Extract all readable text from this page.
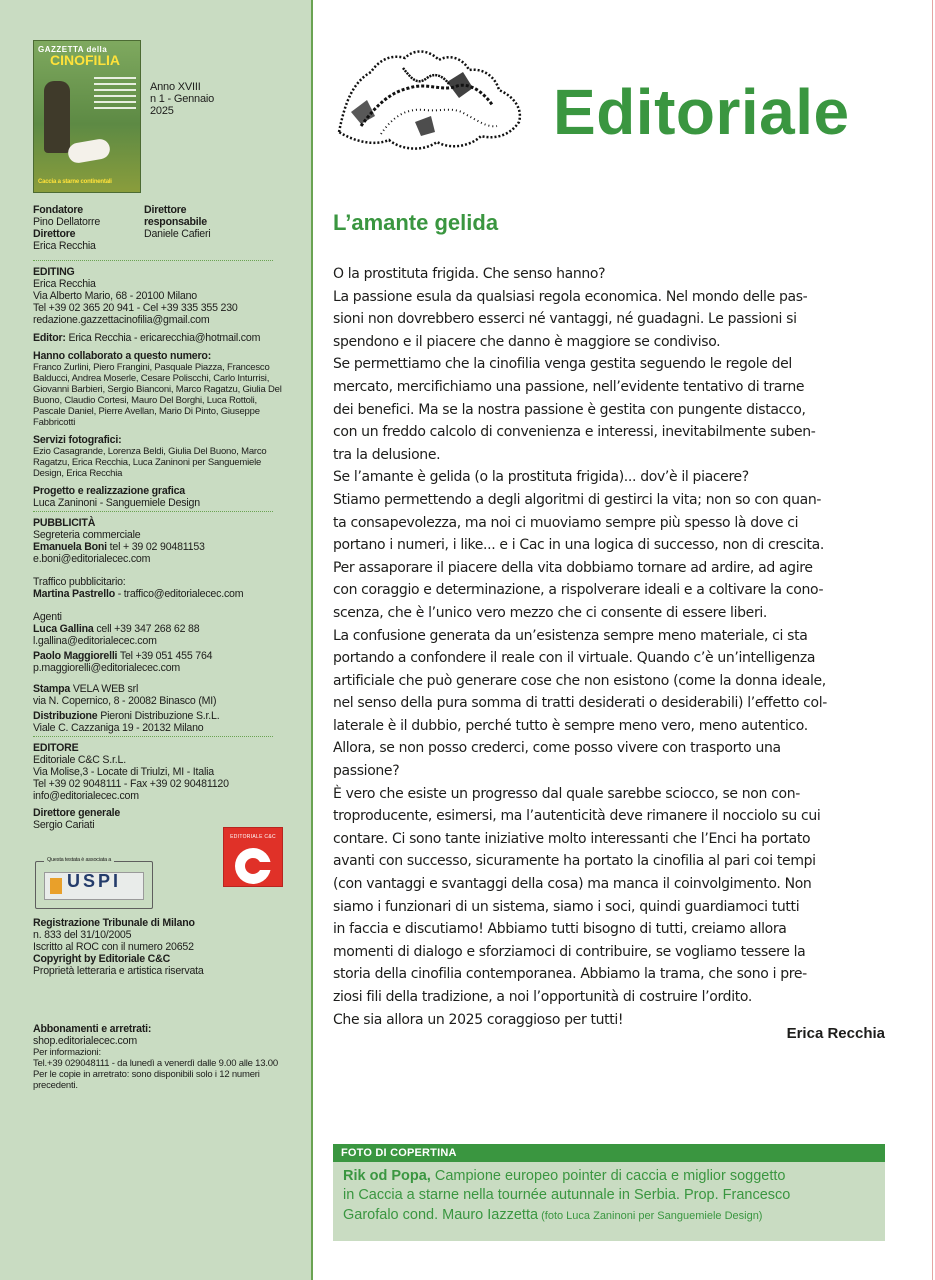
GAZZETTA della
CINOFILIA
Caccia a starne continentali
Anno XVIII
n 1 - Gennaio
2025
Fondatore
Pino Dellatorre
Direttore
Erica Recchia
Direttore
responsabile
Daniele Cafieri
EDITING
Erica Recchia
Via Alberto Mario, 68 - 20100 Milano
Tel +39 02 365 20 941 - Cel +39 335 355 230
redazione.gazzettacinofilia@gmail.com
Editor: Erica Recchia - ericarecchia@hotmail.com
Hanno collaborato a questo numero:
Franco Zurlini, Piero Frangini, Pasquale Piazza, Francesco Balducci, Andrea Moserle, Cesare Poliscchi, Carlo Inturrisi, Giovanni Barbieri, Sergio Bianconi, Marco Ragatzu, Giulia Del Buono, Claudio Cortesi, Mauro Del Borghi, Luca Rottoli, Pascale Daniel, Pierre Avellan, Mario Di Pinto, Giuseppe Fabbricotti
Servizi fotografici:
Ezio Casagrande, Lorenza Beldi, Giulia Del Buono, Marco Ragatzu, Erica Recchia, Luca Zaninoni per Sanguemiele Design, Erica Recchia
Progetto e realizzazione grafica
Luca Zaninoni - Sanguemiele Design
PUBBLICITÀ
Segreteria commerciale
Emanuela Boni tel + 39 02 90481153
e.boni@editorialecec.com
Traffico pubblicitario:
Martina Pastrello - traffico@editorialecec.com
Agenti
Luca Gallina cell +39 347 268 62 88
l.gallina@editorialecec.com
Paolo Maggiorelli Tel +39 051 455 764
p.maggiorelli@editorialecec.com
Stampa VELA WEB srl
via N. Copernico, 8 - 20082 Binasco (MI)
Distribuzione Pieroni Distribuzione S.r.L.
Viale C. Cazzaniga 19 - 20132 Milano
EDITORE
Editoriale C&C S.r.L.
Via Molise,3 - Locate di Triulzi, MI - Italia
Tel +39 02 9048111 - Fax +39 02 90481120
info@editorialecec.com
Direttore generale
Sergio Cariati
EDITORIALE C&C
Questa testata è associata a
USPI
Registrazione Tribunale di Milano
n. 833 del 31/10/2005
Iscritto al ROC con il numero 20652
Copyright by Editoriale C&C
Proprietà letteraria e artistica riservata
Abbonamenti e arretrati:
shop.editorialecec.com
Per informazioni:
Tel.+39 029048111 - da lunedì a venerdì dalle 9.00 alle 13.00
Per le copie in arretrato: sono disponibili solo i 12 numeri
precedenti.
Editoriale
L’amante gelida

O la prostituta frigida. Che senso hanno?

La passione esula da qualsiasi regola economica. Nel mondo delle pas-

sioni non dovrebbero esserci né vantaggi, né guadagni. Le passioni si

spendono e il piacere che danno è maggiore se condiviso.

Se permettiamo che la cinofilia venga gestita seguendo le regole del

mercato, mercifichiamo una passione, nell’evidente tentativo di trarne

dei benefici. Ma se la nostra passione è gestita con pungente distacco,

con un freddo calcolo di convenienza e interessi, inevitabilmente suben-

tra la delusione.

Se l’amante è gelida (o la prostituta frigida)... dov’è il piacere?

Stiamo permettendo a degli algoritmi di gestirci la vita; non so con quan-

ta consapevolezza, ma noi ci muoviamo sempre più spesso là dove ci

portano i numeri, i like... e i Cac in una logica di successo, non di crescita.

Per assaporare il piacere della vita dobbiamo tornare ad ardire, ad agire

con coraggio e determinazione, a rispolverare ideali e a coltivare la cono-

scenza, che è l’unico vero mezzo che ci consente di essere liberi.

La confusione generata da un’esistenza sempre meno materiale, ci sta

portando a confondere il reale con il virtuale. Quando c’è un’intelligenza

artificiale che può generare cose che non esistono (come la donna ideale,

nel senso della pura somma di tratti desiderati o desiderabili) l’effetto col-

laterale è il dubbio, perché tutto è sempre meno vero, meno autentico.

Allora, se non posso crederci, come posso vivere con trasporto una

passione?

È vero che esiste un progresso dal quale sarebbe sciocco, se non con-

troproducente, esimersi, ma l’autenticità deve rimanere il nocciolo su cui

contare. Ci sono tante iniziative molto interessanti che l’Enci ha portato

avanti con successo, sicuramente ha portato la cinofilia al pari coi tempi

(con vantaggi e svantaggi della cosa) ma manca il coinvolgimento. Non

siamo i funzionari di un sistema, siamo i soci, quindi guardiamoci tutti

in faccia e discutiamo! Abbiamo tutti bisogno di tutti, creiamo allora

momenti di dialogo e sforziamoci di contribuire, se vogliamo tessere la

storia della cinofilia contemporanea. Abbiamo la trama, che sono i pre-

ziosi fili della tradizione, a noi l’opportunità di costruire l’ordito.

Che sia allora un 2025 coraggioso per tutti!

Erica Recchia
FOTO DI COPERTINA
Rik od Popa, Campione europeo pointer di caccia e miglior soggetto
in Caccia a starne nella tournée autunnale in Serbia. Prop. Francesco
Garofalo cond. Mauro Iazzetta (foto Luca Zaninoni per Sanguemiele Design)
